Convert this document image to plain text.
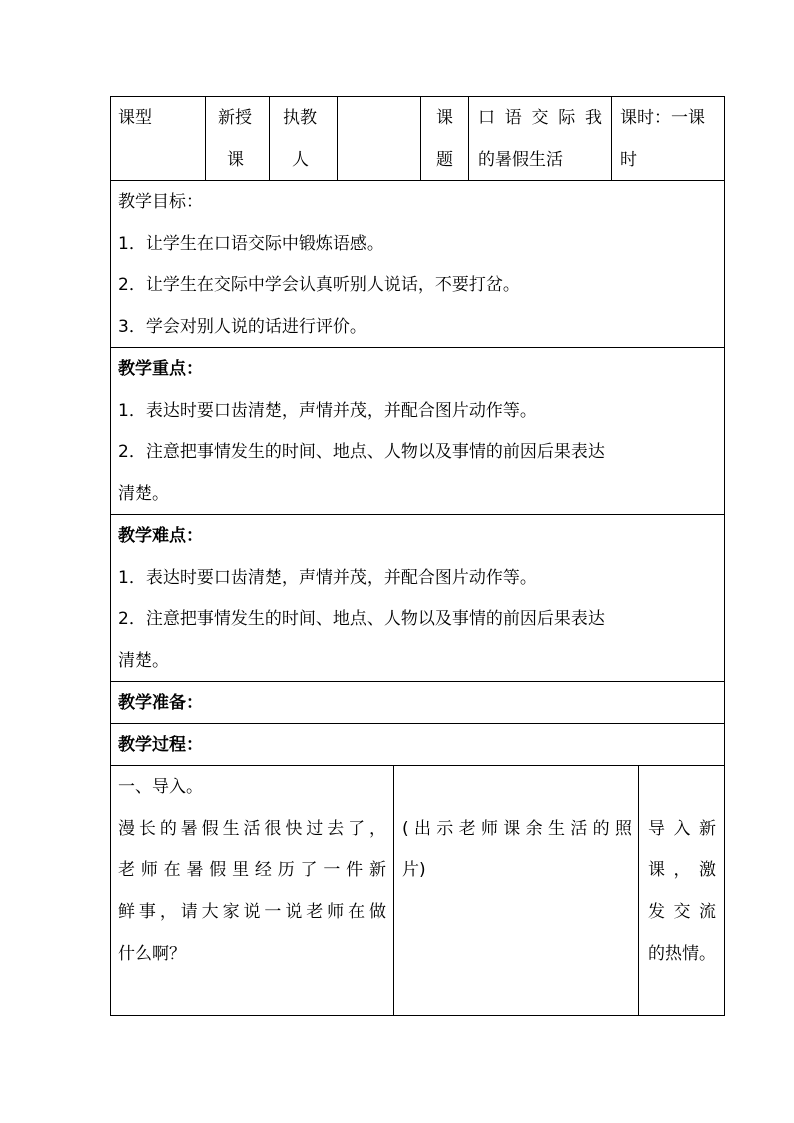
课型	新授
课
执教
人
课
题
口语交际我
的暑假生活
课时：一课
时
教学目标：
1．让学生在口语交际中锻炼语感。
2．让学生在交际中学会认真听别人说话，不要打岔。
3．学会对别人说的话进行评价。
教学重点：
1．表达时要口齿清楚，声情并茂，并配合图片动作等。
2．注意把事情发生的时间、地点、人物以及事情的前因后果表达
清楚。
教学难点：
1．表达时要口齿清楚，声情并茂，并配合图片动作等。
2．注意把事情发生的时间、地点、人物以及事情的前因后果表达
清楚。
教学准备：
教学过程：
一、导入。
漫长的暑假生活很快过去了，
老师在暑假里经历了一件新
鲜事，请大家说一说老师在做
什么啊？
(出示老师课余生活的照
片)
导入新
课，激
发交流
的热情。
